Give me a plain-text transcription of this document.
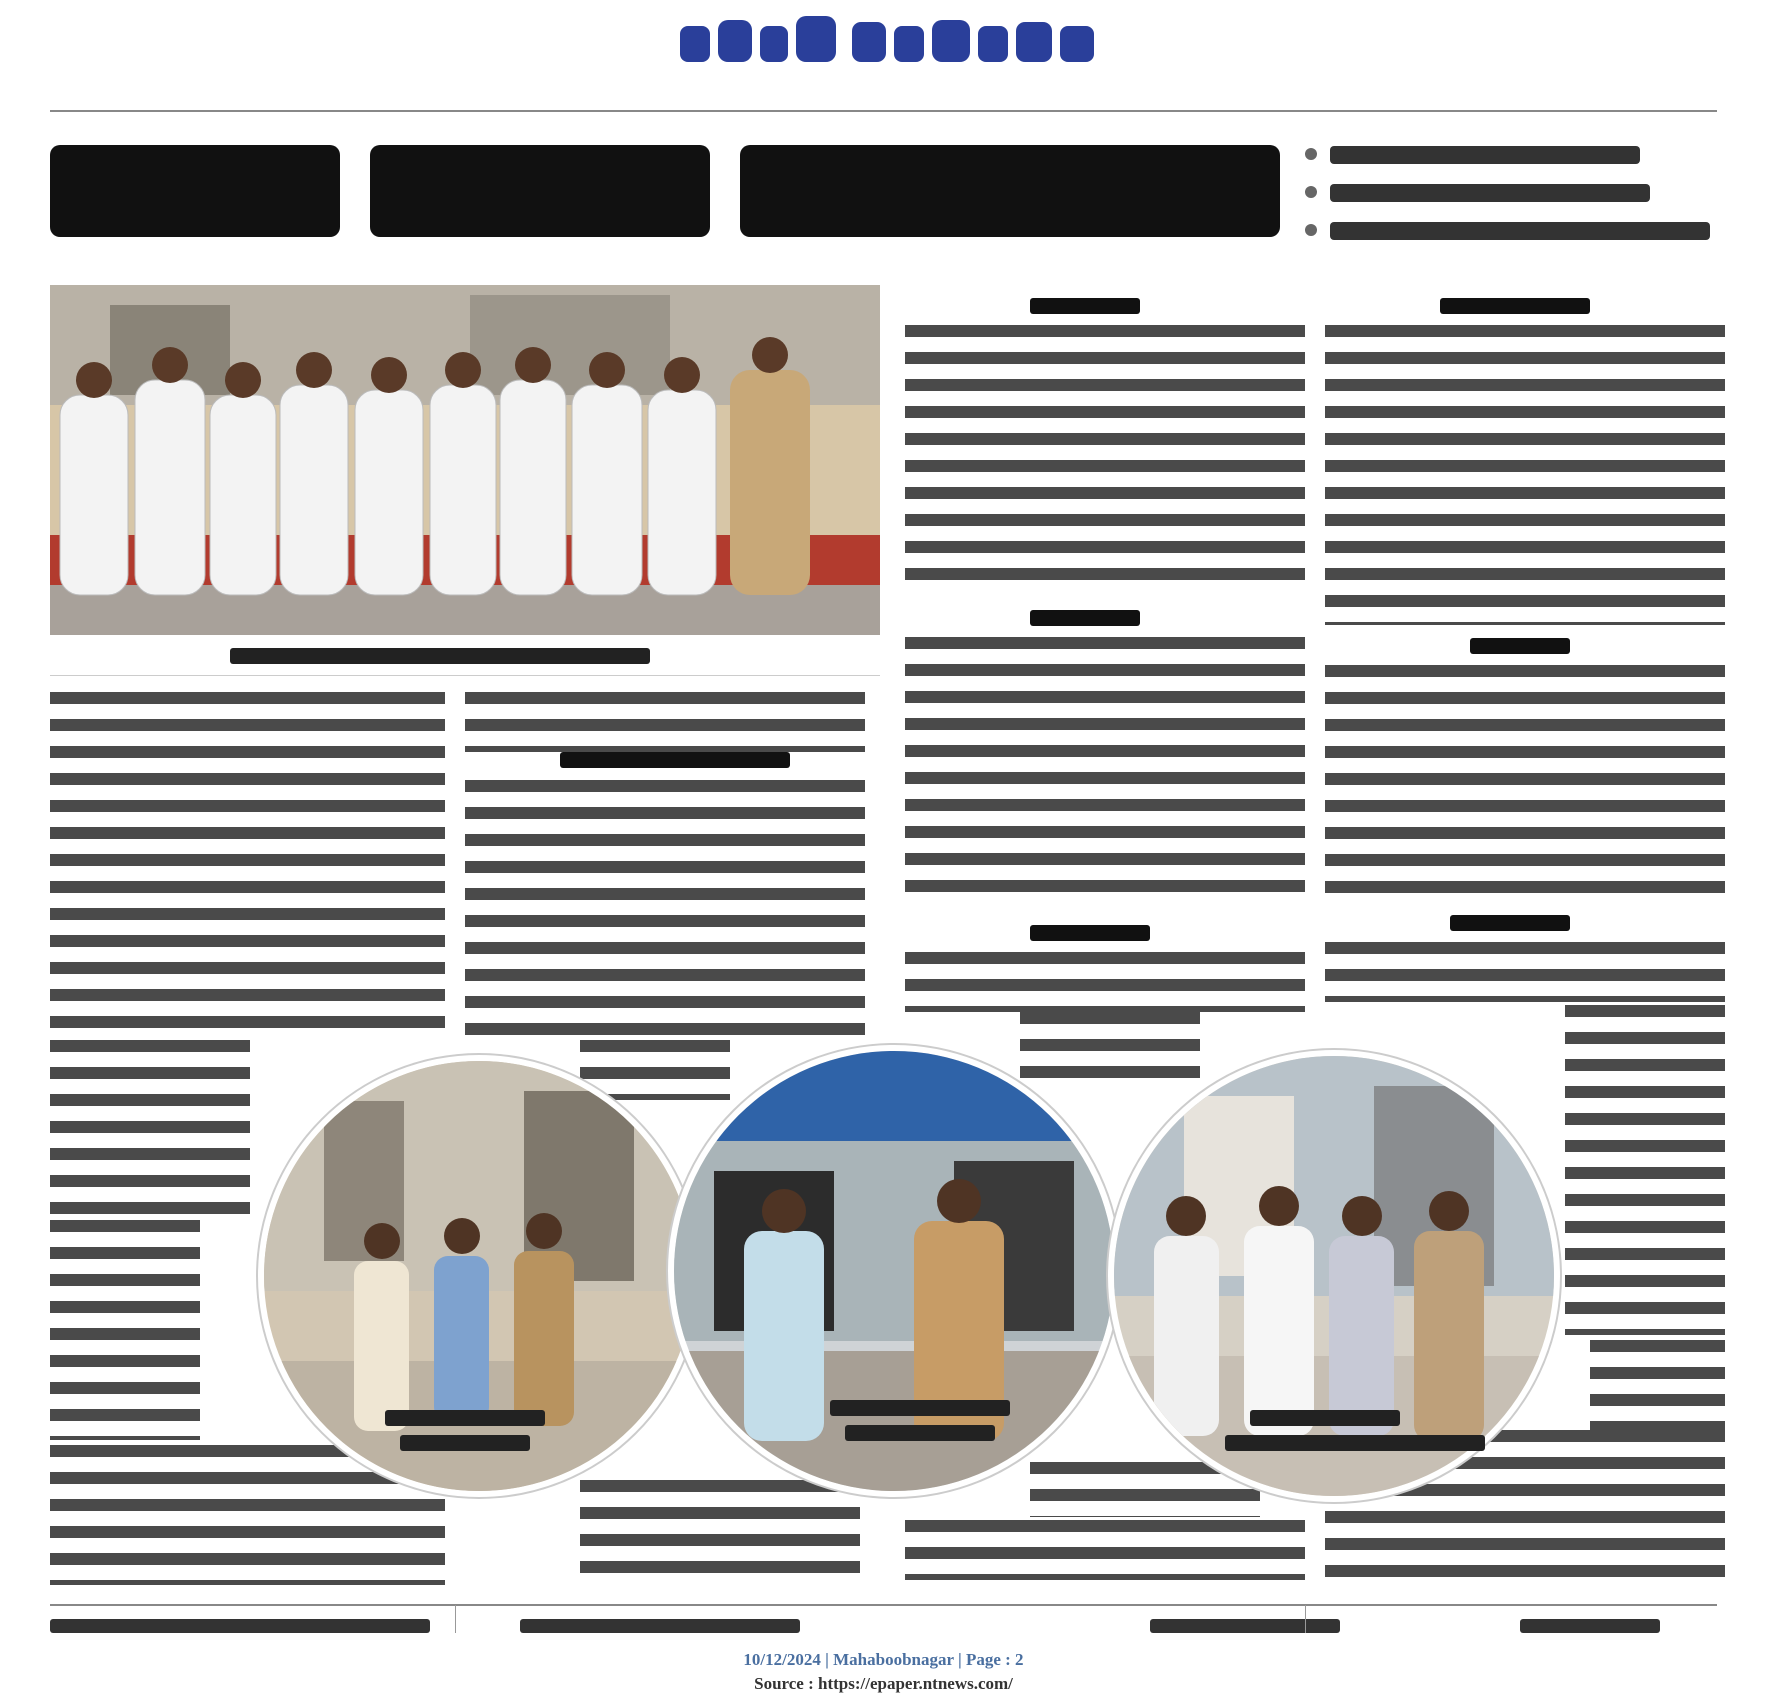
10/12/2024 | Mahaboobnagar | Page : 2
Source : https://epaper.ntnews.com/
